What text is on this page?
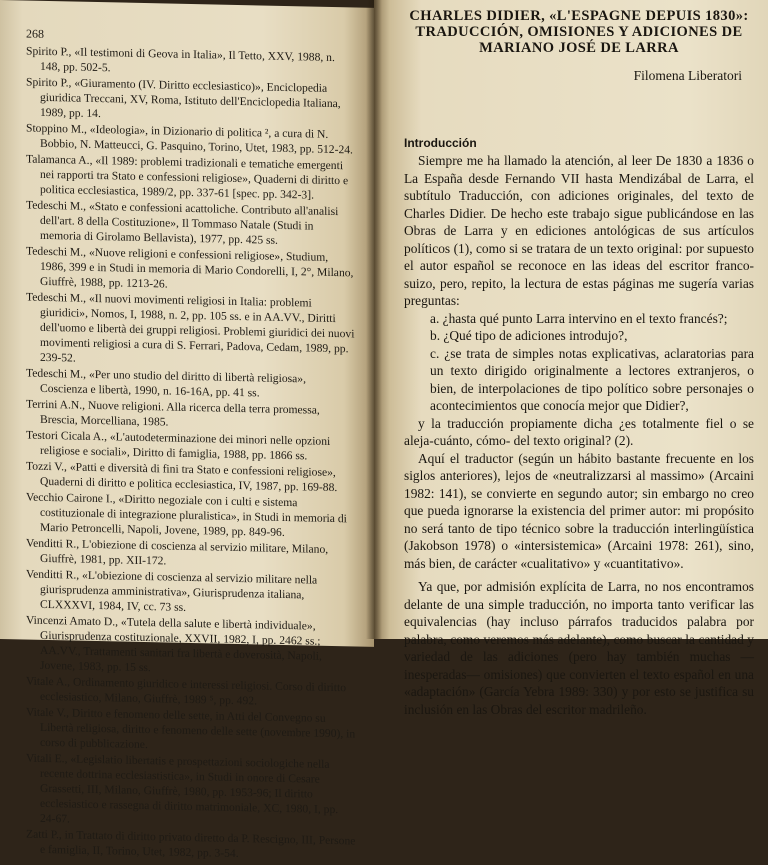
268

Spirito P., «Il testimoni di Geova in Italia», Il Tetto, XXV, 1988, n. 148, pp. 502-5.

Spirito P., «Giuramento (IV. Diritto ecclesiastico)», Enciclopedia giuridica Treccani, XV, Roma, Istituto dell'Enciclopedia Italiana, 1989, pp. 14.

Stoppino M., «Ideologia», in Dizionario di politica ², a cura di N. Bobbio, N. Matteucci, G. Pasquino, Torino, Utet, 1983, pp. 512-24.

Talamanca A., «Il 1989: problemi tradizionali e tematiche emergenti nei rapporti tra Stato e confessioni religiose», Quaderni di diritto e politica ecclesiastica, 1989/2, pp. 337-61 [spec. pp. 342-3].

Tedeschi M., «Stato e confessioni acattoliche. Contributo all'analisi dell'art. 8 della Costituzione», Il Tommaso Natale (Studi in memoria di Girolamo Bellavista), 1977, pp. 425 ss.

Tedeschi M., «Nuove religioni e confessioni religiose», Studium, 1986, 399 e in Studi in memoria di Mario Condorelli, I, 2°, Milano, Giuffrè, 1988, pp. 1213-26.

Tedeschi M., «Il nuovi movimenti religiosi in Italia: problemi giuridici», Nomos, I, 1988, n. 2, pp. 105 ss. e in AA.VV., Diritti dell'uomo e libertà dei gruppi religiosi. Problemi giuridici dei nuovi movimenti religiosi a cura di S. Ferrari, Padova, Cedam, 1989, pp. 239-52.

Tedeschi M., «Per uno studio del diritto di libertà religiosa», Coscienza e libertà, 1990, n. 16-16A, pp. 41 ss.

Terrini A.N., Nuove religioni. Alla ricerca della terra promessa, Brescia, Morcelliana, 1985.

Testori Cicala A., «L'autodeterminazione dei minori nelle opzioni religiose e sociali», Diritto di famiglia, 1988, pp. 1866 ss.

Tozzi V., «Patti e diversità di fini tra Stato e confessioni religiose», Quaderni di diritto e politica ecclesiastica, IV, 1987, pp. 169-88.

Vecchio Cairone I., «Diritto negoziale con i culti e sistema costituzionale di integrazione pluralistica», in Studi in memoria di Mario Petroncelli, Napoli, Jovene, 1989, pp. 849-96.

Venditti R., L'obiezione di coscienza al servizio militare, Milano, Giuffrè, 1981, pp. XII-172.

Venditti R., «L'obiezione di coscienza al servizio militare nella giurisprudenza amministrativa», Giurisprudenza italiana, CLXXXVI, 1984, IV, cc. 73 ss.

Vincenzi Amato D., «Tutela della salute e libertà individuale», Giurisprudenza costituzionale, XXVII, 1982, I, pp. 2462 ss.; AA.VV., Trattamenti sanitari fra libertà e doverosità, Napoli, Jovene, 1983, pp. 15 ss.

Vitale A., Ordinamento giuridico e interessi religiosi. Corso di diritto ecclesiastico, Milano, Giuffrè, 1989 ⁵, pp. 492.

Vitale V., Diritto e fenomeno delle sette, in Atti del Convegno su Libertà religiosa, diritto e fenomeno delle sette (novembre 1990), in corso di pubblicazione.

Vitali E., «Legislatio libertatis e prospettazioni sociologiche nella recente dottrina ecclesiastistica», in Studi in onore di Cesare Grassetti, III, Milano, Giuffrè, 1980, pp. 1953-96; Il diritto ecclesiastico e rassegna di diritto matrimoniale, XC, 1980, I, pp. 24-67.

Zatti P., in Trattato di diritto privato diretto da P. Rescigno, III, Persone e famiglia, II, Torino, Utet, 1982, pp. 3-54.

CHARLES DIDIER, «L'ESPAGNE DEPUIS 1830»: TRADUCCIÓN, OMISIONES Y ADICIONES DE MARIANO JOSÉ DE LARRA
Filomena Liberatori
Introducción

Siempre me ha llamado la atención, al leer De 1830 a 1836 o La España desde Fernando VII hasta Mendizábal de Larra, el subtítulo Traducción, con adiciones originales, del texto de Charles Didier. De hecho este trabajo sigue publicándose en las Obras de Larra y en ediciones antológicas de sus artículos políticos (1), como si se tratara de un texto original: por supuesto el autor español se reconoce en las ideas del escritor franco-suizo, pero, repito, la lectura de estas páginas me sugería varias preguntas:

a. ¿hasta qué punto Larra intervino en el texto francés?;

b. ¿Qué tipo de adiciones introdujo?,

c. ¿se trata de simples notas explicativas, aclaratorias para un texto dirigido originalmente a lectores extranjeros, o bien, de interpolaciones de tipo político sobre personajes o acontecimientos que conocía mejor que Didier?,

y la traducción propiamente dicha ¿es totalmente fiel o se aleja-cuánto, cómo- del texto original? (2).

Aquí el traductor (según un hábito bastante frecuente en los siglos anteriores), lejos de «neutralizzarsi al massimo» (Arcaini 1982: 141), se convierte en segundo autor; sin embargo no creo que pueda ignorarse la existencia del primer autor: mi propósito no será tanto de tipo técnico sobre la traducción interlingüística (Jakobson 1978) o «intersistemica» (Arcaini 1978: 261), sino, más bien, de carácter «cualitativo» y «cuantitativo».

Ya que, por admisión explícita de Larra, no nos encontramos delante de una simple traducción, no importa tanto verificar las equivalencias (hay incluso párrafos traducidos palabra por palabra, como veremos más adelante), como buscar la cantidad y variedad de las adiciones (pero hay también muchas —inesperadas— omisiones) que convierten el texto español en una «adaptación» (García Yebra 1989: 330) y por esto se justifica su inclusión en las Obras del escritor madrileño.
